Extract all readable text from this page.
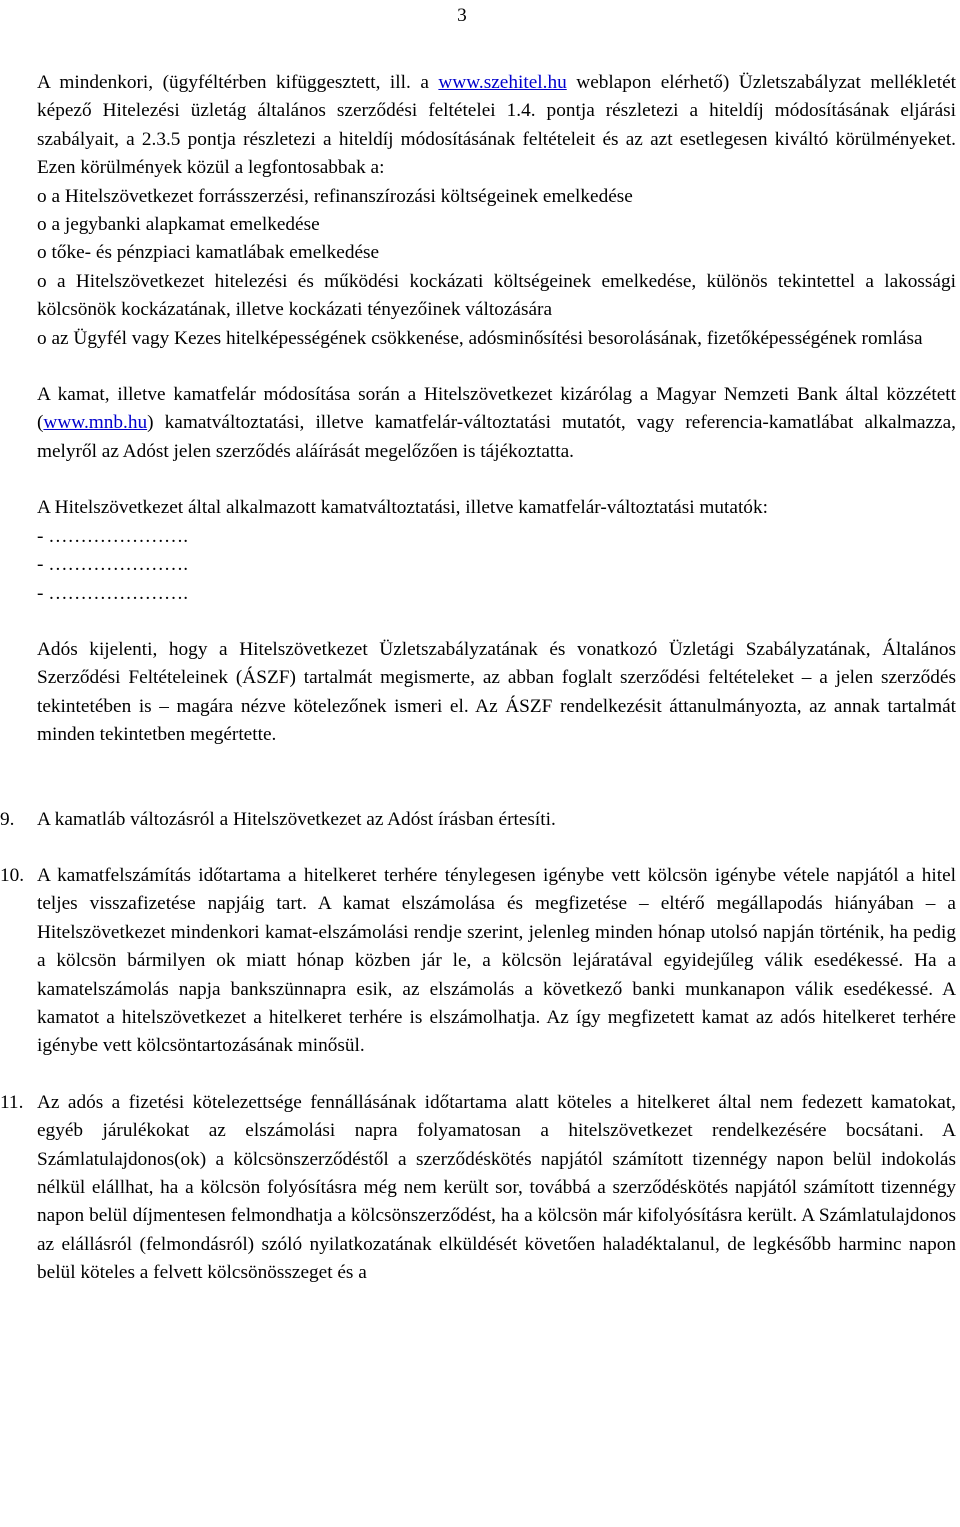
3

A mindenkori, (ügyféltérben kifüggesztett, ill. a www.szehitel.hu weblapon elérhető) Üzletszabályzat mellékletét képező Hitelezési üzletág általános szerződési feltételei 1.4. pontja részletezi a hiteldíj módosításának eljárási szabályait, a 2.3.5 pontja részletezi a hiteldíj módosításának feltételeit és az azt esetlegesen kiváltó körülményeket. Ezen körülmények közül a legfontosabbak a:

o a Hitelszövetkezet forrásszerzési, refinanszírozási költségeinek emelkedése

o a jegybanki alapkamat emelkedése

o tőke- és pénzpiaci kamatlábak emelkedése

o a Hitelszövetkezet hitelezési és működési kockázati költségeinek emelkedése, különös tekintettel a lakossági kölcsönök kockázatának, illetve kockázati tényezőinek változására

o az Ügyfél vagy Kezes hitelképességének csökkenése, adósminősítési besorolásának, fizetőképességének romlása

A kamat, illetve kamatfelár módosítása során a Hitelszövetkezet kizárólag a Magyar Nemzeti Bank által közzétett (www.mnb.hu) kamatváltoztatási, illetve kamatfelár-változtatási mutatót, vagy referencia-kamatlábat alkalmazza, melyről az Adóst jelen szerződés aláírását megelőzően is tájékoztatta.

A Hitelszövetkezet által alkalmazott kamatváltoztatási, illetve kamatfelár-változtatási mutatók:

- ………………….

- ………………….

- ………………….

Adós kijelenti, hogy a Hitelszövetkezet Üzletszabályzatának és vonatkozó Üzletági Szabályzatának, Általános Szerződési Feltételeinek (ÁSZF) tartalmát megismerte, az abban foglalt szerződési feltételeket – a jelen szerződés tekintetében is – magára nézve kötelezőnek ismeri el. Az ÁSZF rendelkezésit áttanulmányozta, az annak tartalmát minden tekintetben megértette.

9.	A kamatláb változásról a Hitelszövetkezet az Adóst írásban értesíti.

10. A kamatfelszámítás időtartama a hitelkeret terhére ténylegesen igénybe vett kölcsön igénybe vétele napjától a hitel teljes visszafizetése napjáig tart. A kamat elszámolása és megfizetése – eltérő megállapodás hiányában – a Hitelszövetkezet mindenkori kamat-elszámolási rendje szerint, jelenleg minden hónap utolsó napján történik, ha pedig a kölcsön bármilyen ok miatt hónap közben jár le, a kölcsön lejáratával egyidejűleg válik esedékessé. Ha a kamatelszámolás napja bankszünnapra esik, az elszámolás a következő banki munkanapon válik esedékessé. A kamatot a hitelszövetkezet a hitelkeret terhére is elszámolhatja. Az így megfizetett kamat az adós hitelkeret terhére igénybe vett kölcsöntartozásának minősül.

11. Az adós a fizetési kötelezettsége fennállásának időtartama alatt köteles a hitelkeret által nem fedezett kamatokat, egyéb járulékokat az elszámolási napra folyamatosan a hitelszövetkezet rendelkezésére bocsátani. A Számlatulajdonos(ok) a kölcsönszerződéstől a szerződéskötés napjától számított tizennégy napon belül indokolás nélkül elállhat, ha a kölcsön folyósításra még nem került sor, továbbá a szerződéskötés napjától számított tizennégy napon belül díjmentesen felmondhatja a kölcsönszerződést, ha a kölcsön már kifolyósításra került. A Számlatulajdonos az elállásról (felmondásról) szóló nyilatkozatának elküldését követően haladéktalanul, de legkésőbb harminc napon belül köteles a felvett kölcsönösszeget és a
